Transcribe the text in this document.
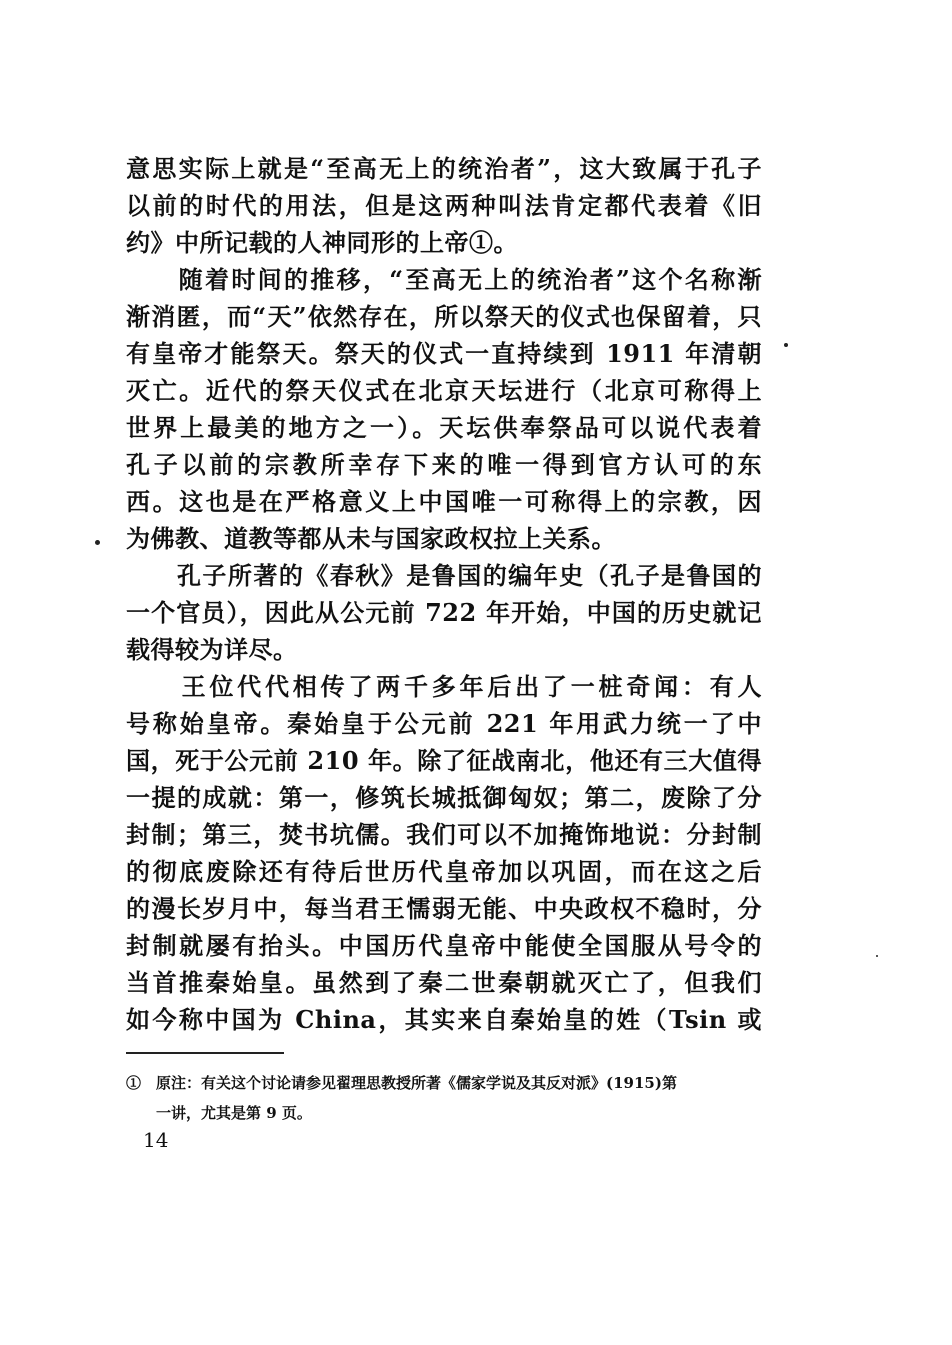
意思实际上就是“至高无上的统治者”，这大致属于孔子
以前的时代的用法，但是这两种叫法肯定都代表着《旧
约》中所记载的人神同形的上帝①。
　　随着时间的推移，“至高无上的统治者”这个名称渐
渐消匿，而“天”依然存在，所以祭天的仪式也保留着，只
有皇帝才能祭天。祭天的仪式一直持续到 1911 年清朝
灭亡。近代的祭天仪式在北京天坛进行（北京可称得上
世界上最美的地方之一）。天坛供奉祭品可以说代表着
孔子以前的宗教所幸存下来的唯一得到官方认可的东
西。这也是在严格意义上中国唯一可称得上的宗教，因
为佛教、道教等都从未与国家政权拉上关系。
　　孔子所著的《春秋》是鲁国的编年史（孔子是鲁国的
一个官员），因此从公元前 722 年开始，中国的历史就记
载得较为详尽。
　　王位代代相传了两千多年后出了一桩奇闻：有人
号称始皇帝。秦始皇于公元前 221 年用武力统一了中
国，死于公元前 210 年。除了征战南北，他还有三大值得
一提的成就：第一，修筑长城抵御匈奴；第二，废除了分
封制；第三，焚书坑儒。我们可以不加掩饰地说：分封制
的彻底废除还有待后世历代皇帝加以巩固，而在这之后
的漫长岁月中，每当君王懦弱无能、中央政权不稳时，分
封制就屡有抬头。中国历代皇帝中能使全国服从号令的
当首推秦始皇。虽然到了秦二世秦朝就灭亡了，但我们
如今称中国为 China，其实来自秦始皇的姓（Tsin 或
①　原注：有关这个讨论请参见翟理思教授所著《儒家学说及其反对派》(1915)第
一讲，尤其是第 9 页。
14
